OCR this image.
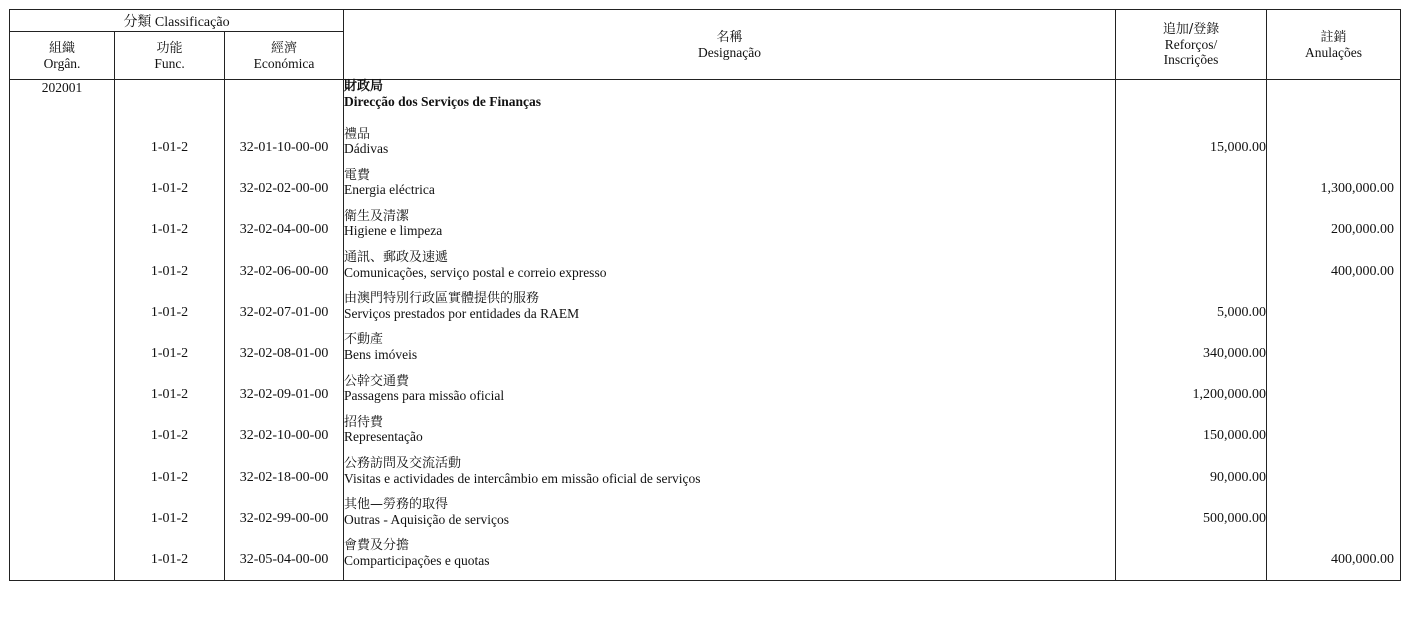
分類 Classificação			名稱
Designação	追加/登錄
Reforços/
Inscrições	註銷
Anulações

組織
Orgân.	功能
Func.	經濟
Económica			

202001			財政局
Direcção dos Serviços de Finanças		

	1-01-2	32-01-10-00-00	禮品
Dádivas	15,000.00	
	1-01-2	32-02-02-00-00	電費
Energia eléctrica		1,300,000.00
	1-01-2	32-02-04-00-00	衛生及清潔
Higiene e limpeza		200,000.00
	1-01-2	32-02-06-00-00	通訊、郵政及速遞
Comunicações, serviço postal e correio expresso		400,000.00
	1-01-2	32-02-07-01-00	由澳門特別行政區實體提供的服務
Serviços prestados por entidades da RAEM	5,000.00	
	1-01-2	32-02-08-01-00	不動產
Bens imóveis	340,000.00	
	1-01-2	32-02-09-01-00	公幹交通費
Passagens para missão oficial	1,200,000.00	
	1-01-2	32-02-10-00-00	招待費
Representação	150,000.00	
	1-01-2	32-02-18-00-00	公務訪問及交流活動
Visitas e actividades de intercâmbio em missão oficial de serviços	90,000.00	
	1-01-2	32-02-99-00-00	其他—勞務的取得
Outras - Aquisição de serviços	500,000.00	
	1-01-2	32-05-04-00-00	會費及分擔
Comparticipações e quotas		400,000.00
